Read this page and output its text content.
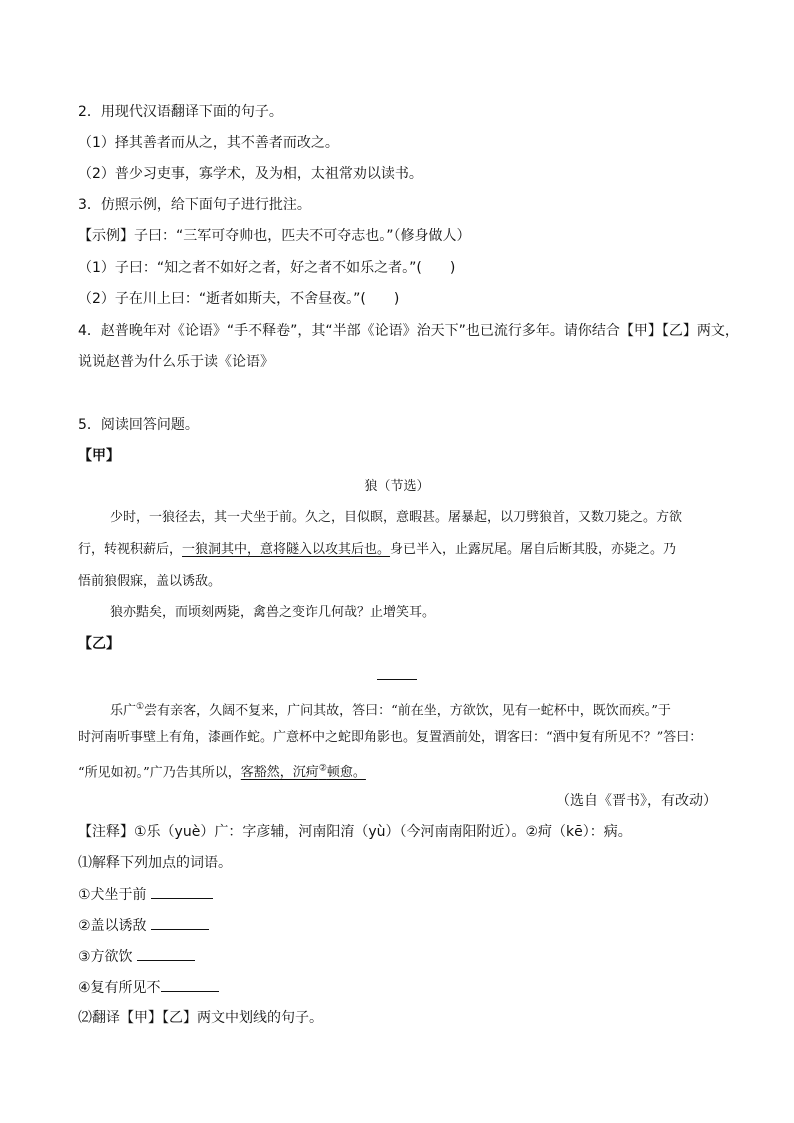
2．用现代汉语翻译下面的句子。
（1）择其善者而从之，其不善者而改之。
（2）普少习吏事，寡学术，及为相，太祖常劝以读书。
3．仿照示例，给下面句子进行批注。
【示例】子曰：“三军可夺帅也，匹夫不可夺志也。”（修身做人）
（1）子曰：“知之者不如好之者，好之者不如乐之者。”(　　)
（2）子在川上曰：“逝者如斯夫，不舍昼夜。”(　　)
4．赵普晚年对《论语》“手不释卷”，其“半部《论语》治天下”也已流行多年。请你结合【甲】【乙】两文，
说说赵普为什么乐于读《论语》
5．阅读回答问题。
【甲】
狼（节选）
少时，一狼径去，其一犬坐于前。久之，目似瞑，意暇甚。屠暴起，以刀劈狼首，又数刀毙之。方欲
行，转视积薪后，一狼洞其中，意将隧入以攻其后也。身已半入，止露尻尾。屠自后断其股，亦毙之。乃
悟前狼假寐，盖以诱敌。
狼亦黠矣，而顷刻两毙，禽兽之变诈几何哉？止增笑耳。
【乙】
乐广①尝有亲客，久阔不复来，广问其故，答曰：“前在坐，方欲饮，见有一蛇杯中，既饮而疾。”于
时河南听事壁上有角，漆画作蛇。广意杯中之蛇即角影也。复置酒前处，谓客曰：“酒中复有所见不？”答曰：
“所见如初。”广乃告其所以，客豁然，沉疴②顿愈。
（选自《晋书》，有改动）
【注释】①乐（yuè）广：字彦辅，河南阳淯（yù）（今河南南阳附近）。②疴（kē）：病。
⑴解释下列加点的词语。
①犬坐于前
②盖以诱敌
③方欲饮
④复有所见不
⑵翻译【甲】【乙】两文中划线的句子。
